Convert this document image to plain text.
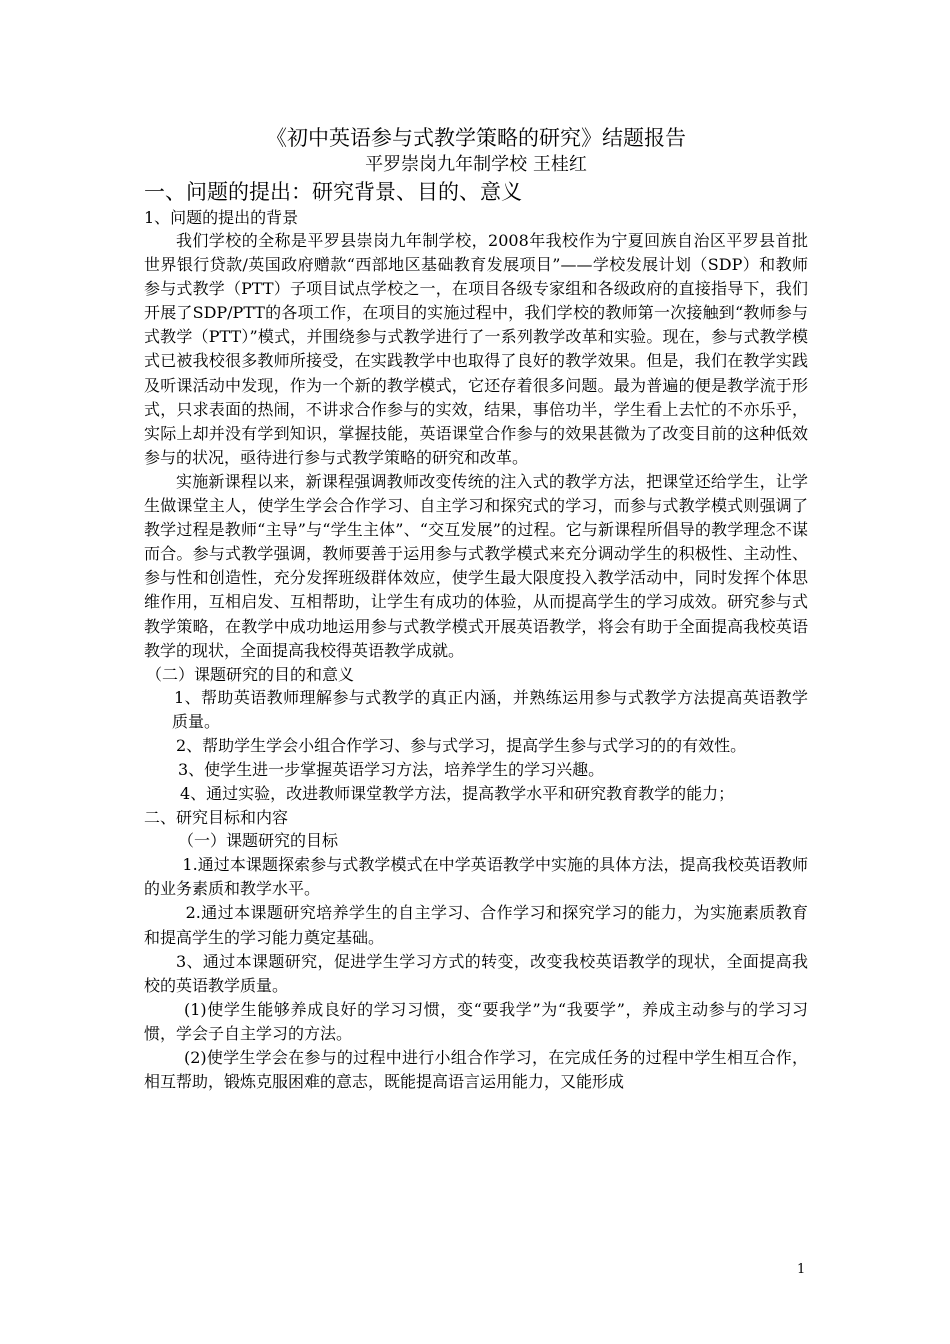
《初中英语参与式教学策略的研究》结题报告

平罗崇岗九年制学校 王桂红

一、问题的提出：研究背景、目的、意义

1、问题的提出的背景

我们学校的全称是平罗县崇岗九年制学校，2008年我校作为宁夏回族自治区平罗县首批世界银行贷款/英国政府赠款“西部地区基础教育发展项目”——学校发展计划（SDP）和教师参与式教学（PTT）子项目试点学校之一，在项目各级专家组和各级政府的直接指导下，我们开展了SDP/PTT的各项工作，在项目的实施过程中，我们学校的教师第一次接触到“教师参与式教学（PTT）”模式，并围绕参与式教学进行了一系列教学改革和实验。现在，参与式教学模式已被我校很多教师所接受，在实践教学中也取得了良好的教学效果。但是，我们在教学实践及听课活动中发现，作为一个新的教学模式，它还存着很多问题。最为普遍的便是教学流于形式，只求表面的热闹，不讲求合作参与的实效，结果，事倍功半，学生看上去忙的不亦乐乎，实际上却并没有学到知识，掌握技能，英语课堂合作参与的效果甚微为了改变目前的这种低效参与的状况，亟待进行参与式教学策略的研究和改革。

实施新课程以来，新课程强调教师改变传统的注入式的教学方法，把课堂还给学生，让学生做课堂主人，使学生学会合作学习、自主学习和探究式的学习，而参与式教学模式则强调了教学过程是教师“主导”与“学生主体”、“交互发展”的过程。它与新课程所倡导的教学理念不谋而合。参与式教学强调，教师要善于运用参与式教学模式来充分调动学生的积极性、主动性、参与性和创造性，充分发挥班级群体效应，使学生最大限度投入教学活动中，同时发挥个体思维作用，互相启发、互相帮助，让学生有成功的体验，从而提高学生的学习成效。研究参与式教学策略，在教学中成功地运用参与式教学模式开展英语教学，将会有助于全面提高我校英语教学的现状，全面提高我校得英语教学成就。

（二）课题研究的目的和意义

1、帮助英语教师理解参与式教学的真正内涵，并熟练运用参与式教学方法提高英语教学质量。

2、帮助学生学会小组合作学习、参与式学习，提高学生参与式学习的的有效性。

3、使学生进一步掌握英语学习方法，培养学生的学习兴趣。

4、通过实验，改进教师课堂教学方法，提高教学水平和研究教育教学的能力；

二、研究目标和内容

（一）课题研究的目标

1.通过本课题探索参与式教学模式在中学英语教学中实施的具体方法，提高我校英语教师的业务素质和教学水平。

2.通过本课题研究培养学生的自主学习、合作学习和探究学习的能力，为实施素质教育和提高学生的学习能力奠定基础。

3、通过本课题研究，促进学生学习方式的转变，改变我校英语教学的现状，全面提高我校的英语教学质量。

(1)使学生能够养成良好的学习习惯，变“要我学”为“我要学”，养成主动参与的学习习惯，学会子自主学习的方法。

(2)使学生学会在参与的过程中进行小组合作学习，在完成任务的过程中学生相互合作，相互帮助，锻炼克服困难的意志，既能提高语言运用能力，又能形成

1
